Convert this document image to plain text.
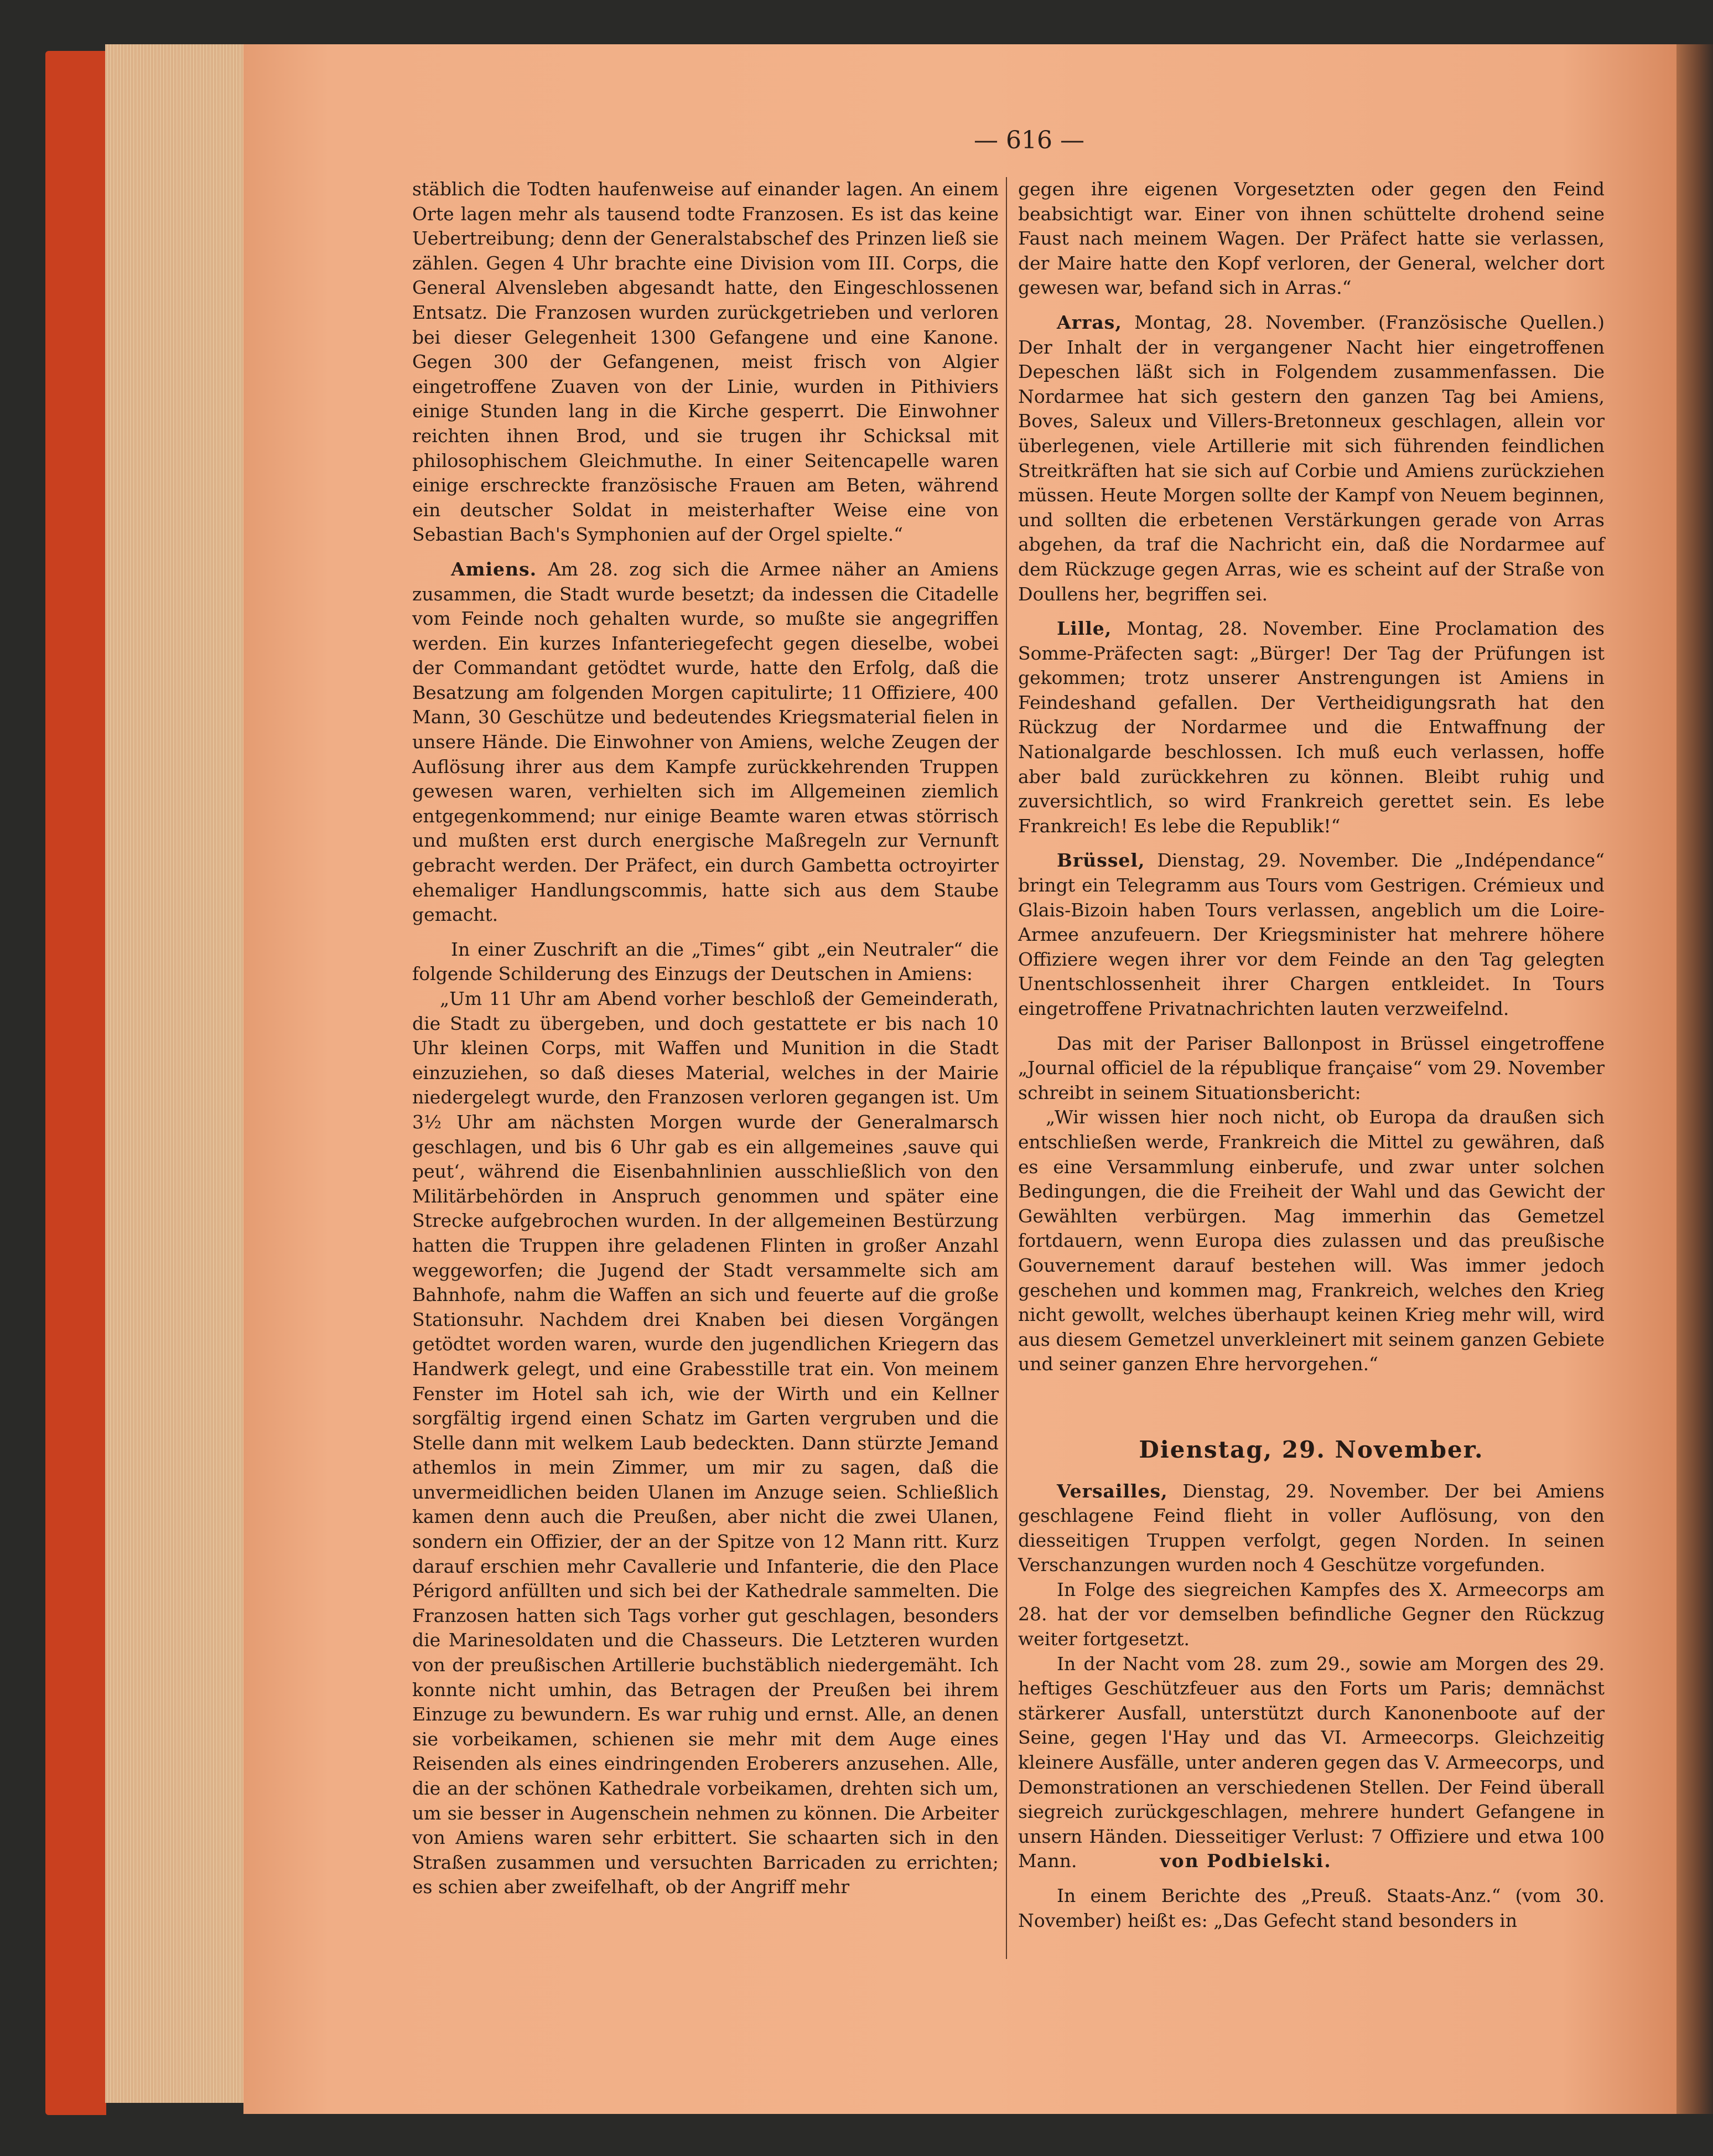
— 616 —

stäblich die Todten haufenweise auf einander lagen. An einem Orte lagen mehr als tausend todte Franzosen. Es ist das keine Uebertreibung; denn der Generalstabschef des Prinzen ließ sie zählen. Gegen 4 Uhr brachte eine Division vom III. Corps, die General Alvensleben abgesandt hatte, den Eingeschlossenen Entsatz. Die Franzosen wurden zurückgetrieben und verloren bei dieser Gelegenheit 1300 Gefangene und eine Kanone. Gegen 300 der Gefangenen, meist frisch von Algier eingetroffene Zuaven von der Linie, wurden in Pithiviers einige Stunden lang in die Kirche gesperrt. Die Einwohner reichten ihnen Brod, und sie trugen ihr Schicksal mit philosophischem Gleichmuthe. In einer Seitencapelle waren einige erschreckte französische Frauen am Beten, während ein deutscher Soldat in meisterhafter Weise eine von Sebastian Bach's Symphonien auf der Orgel spielte.“

Amiens. Am 28. zog sich die Armee näher an Amiens zusammen, die Stadt wurde besetzt; da indessen die Citadelle vom Feinde noch gehalten wurde, so mußte sie angegriffen werden. Ein kurzes Infanteriegefecht gegen dieselbe, wobei der Commandant getödtet wurde, hatte den Erfolg, daß die Besatzung am folgenden Morgen capitulirte; 11 Offiziere, 400 Mann, 30 Geschütze und bedeutendes Kriegsmaterial fielen in unsere Hände. Die Einwohner von Amiens, welche Zeugen der Auflösung ihrer aus dem Kampfe zurückkehrenden Truppen gewesen waren, verhielten sich im Allgemeinen ziemlich entgegenkommend; nur einige Beamte waren etwas störrisch und mußten erst durch energische Maßregeln zur Vernunft gebracht werden. Der Präfect, ein durch Gambetta octroyirter ehemaliger Handlungscommis, hatte sich aus dem Staube gemacht.

In einer Zuschrift an die „Times“ gibt „ein Neutraler“ die folgende Schilderung des Einzugs der Deutschen in Amiens:

„Um 11 Uhr am Abend vorher beschloß der Gemeinderath, die Stadt zu übergeben, und doch gestattete er bis nach 10 Uhr kleinen Corps, mit Waffen und Munition in die Stadt einzuziehen, so daß dieses Material, welches in der Mairie niedergelegt wurde, den Franzosen verloren gegangen ist. Um 3½ Uhr am nächsten Morgen wurde der Generalmarsch geschlagen, und bis 6 Uhr gab es ein allgemeines ‚sauve qui peut‘, während die Eisenbahnlinien ausschließlich von den Militärbehörden in Anspruch genommen und später eine Strecke aufgebrochen wurden. In der allgemeinen Bestürzung hatten die Truppen ihre geladenen Flinten in großer Anzahl weggeworfen; die Jugend der Stadt versammelte sich am Bahnhofe, nahm die Waffen an sich und feuerte auf die große Stationsuhr. Nachdem drei Knaben bei diesen Vorgängen getödtet worden waren, wurde den jugendlichen Kriegern das Handwerk gelegt, und eine Grabesstille trat ein. Von meinem Fenster im Hotel sah ich, wie der Wirth und ein Kellner sorgfältig irgend einen Schatz im Garten vergruben und die Stelle dann mit welkem Laub bedeckten. Dann stürzte Jemand athemlos in mein Zimmer, um mir zu sagen, daß die unvermeidlichen beiden Ulanen im Anzuge seien. Schließlich kamen denn auch die Preußen, aber nicht die zwei Ulanen, sondern ein Offizier, der an der Spitze von 12 Mann ritt. Kurz darauf erschien mehr Cavallerie und Infanterie, die den Place Périgord anfüllten und sich bei der Kathedrale sammelten. Die Franzosen hatten sich Tags vorher gut geschlagen, besonders die Marinesoldaten und die Chasseurs. Die Letzteren wurden von der preußischen Artillerie buchstäblich niedergemäht. Ich konnte nicht umhin, das Betragen der Preußen bei ihrem Einzuge zu bewundern. Es war ruhig und ernst. Alle, an denen sie vorbeikamen, schienen sie mehr mit dem Auge eines Reisenden als eines eindringenden Eroberers anzusehen. Alle, die an der schönen Kathedrale vorbeikamen, drehten sich um, um sie besser in Augenschein nehmen zu können. Die Arbeiter von Amiens waren sehr erbittert. Sie schaarten sich in den Straßen zusammen und versuchten Barricaden zu errichten; es schien aber zweifelhaft, ob der Angriff mehr

gegen ihre eigenen Vorgesetzten oder gegen den Feind beabsichtigt war. Einer von ihnen schüttelte drohend seine Faust nach meinem Wagen. Der Präfect hatte sie verlassen, der Maire hatte den Kopf verloren, der General, welcher dort gewesen war, befand sich in Arras.“

Arras, Montag, 28. November. (Französische Quellen.) Der Inhalt der in vergangener Nacht hier eingetroffenen Depeschen läßt sich in Folgendem zusammenfassen. Die Nordarmee hat sich gestern den ganzen Tag bei Amiens, Boves, Saleux und Villers-Bretonneux geschlagen, allein vor überlegenen, viele Artillerie mit sich führenden feindlichen Streitkräften hat sie sich auf Corbie und Amiens zurückziehen müssen. Heute Morgen sollte der Kampf von Neuem beginnen, und sollten die erbetenen Verstärkungen gerade von Arras abgehen, da traf die Nachricht ein, daß die Nordarmee auf dem Rückzuge gegen Arras, wie es scheint auf der Straße von Doullens her, begriffen sei.

Lille, Montag, 28. November. Eine Proclamation des Somme-Präfecten sagt: „Bürger! Der Tag der Prüfungen ist gekommen; trotz unserer Anstrengungen ist Amiens in Feindeshand gefallen. Der Vertheidigungsrath hat den Rückzug der Nordarmee und die Entwaffnung der Nationalgarde beschlossen. Ich muß euch verlassen, hoffe aber bald zurückkehren zu können. Bleibt ruhig und zuversichtlich, so wird Frankreich gerettet sein. Es lebe Frankreich! Es lebe die Republik!“

Brüssel, Dienstag, 29. November. Die „Indépendance“ bringt ein Telegramm aus Tours vom Gestrigen. Crémieux und Glais-Bizoin haben Tours verlassen, angeblich um die Loire-Armee anzufeuern. Der Kriegsminister hat mehrere höhere Offiziere wegen ihrer vor dem Feinde an den Tag gelegten Unentschlossenheit ihrer Chargen entkleidet. In Tours eingetroffene Privatnachrichten lauten verzweifelnd.

Das mit der Pariser Ballonpost in Brüssel eingetroffene „Journal officiel de la république française“ vom 29. November schreibt in seinem Situationsbericht:

„Wir wissen hier noch nicht, ob Europa da draußen sich entschließen werde, Frankreich die Mittel zu gewähren, daß es eine Versammlung einberufe, und zwar unter solchen Bedingungen, die die Freiheit der Wahl und das Gewicht der Gewählten verbürgen. Mag immerhin das Gemetzel fortdauern, wenn Europa dies zulassen und das preußische Gouvernement darauf bestehen will. Was immer jedoch geschehen und kommen mag, Frankreich, welches den Krieg nicht gewollt, welches überhaupt keinen Krieg mehr will, wird aus diesem Gemetzel unverkleinert mit seinem ganzen Gebiete und seiner ganzen Ehre hervorgehen.“

Dienstag, 29. November.

Versailles, Dienstag, 29. November. Der bei Amiens geschlagene Feind flieht in voller Auflösung, von den diesseitigen Truppen verfolgt, gegen Norden. In seinen Verschanzungen wurden noch 4 Geschütze vorgefunden.

In Folge des siegreichen Kampfes des X. Armeecorps am 28. hat der vor demselben befindliche Gegner den Rückzug weiter fortgesetzt.

In der Nacht vom 28. zum 29., sowie am Morgen des 29. heftiges Geschützfeuer aus den Forts um Paris; demnächst stärkerer Ausfall, unterstützt durch Kanonenboote auf der Seine, gegen l'Hay und das VI. Armeecorps. Gleichzeitig kleinere Ausfälle, unter anderen gegen das V. Armeecorps, und Demonstrationen an verschiedenen Stellen. Der Feind überall siegreich zurückgeschlagen, mehrere hundert Gefangene in unsern Händen. Diesseitiger Verlust: 7 Offiziere und etwa 100 Mann.	von Podbielski.

In einem Berichte des „Preuß. Staats-Anz.“ (vom 30. November) heißt es: „Das Gefecht stand besonders in
